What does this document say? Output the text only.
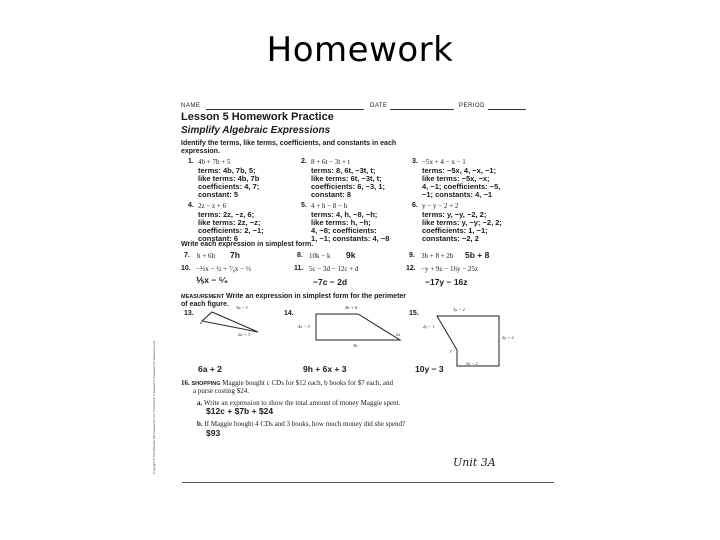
Homework
Copyright © The McGraw-Hill Companies, Inc. Permission is granted to reproduce for classroom use.
NAME	DATE	PERIOD
Lesson 5 Homework Practice
Simplify Algebraic Expressions
Identify the terms, like terms, coefficients, and constants in each
expression.
1. 4b + 7b + 5
terms: 4b, 7b, 5;
like terms: 4b, 7b
coefficients: 4, 7;
constant: 5
2. 8 + 6t − 3t + t
terms: 8, 6t, −3t, t;
like terms: 6t, −3t, t;
coefficients: 6, −3, 1;
constant: 8
3. −5x + 4 − x − 1
terms: −5x, 4, −x, −1;
like terms: −5x, −x;
4, −1; coefficients: −5,
−1; constants: 4, −1
4. 2z − z + 6
terms: 2z, −z, 6;
like terms: 2z, −z;
coefficients: 2, −1;
constant: 6
5. 4 + h − 8 − h
terms: 4, h, −8, −h;
like terms: h, −h;
4, −8; coefficients:
1, −1; constants: 4, −8
6. y − y − 2 + 2
terms: y, −y, −2, 2;
like terms: y, −y; −2, 2;
coefficients: 1, −1;
constants: −2, 2
Write each expression in simplest form.
7. h + 6h 7h	8. 10k − k 9k	9. 3b + 8 + 2b 5b + 8
10. −⅔x − ½ + ⁷⁄₈x − ½
⅕x − ⁵⁄₆
11. 5c − 3d − 12c + d
−7c − 2d
12. −y + 9z − 16y − 25z
−17y − 16z
MEASUREMENT Write an expression in simplest form for the perimeter
of each figure.
13.
3a − 1
a
2a + 3
6a + 2
14.
4h + 6
4x − 3
2x
5h
9h + 6x + 3
15.
3y − 2
2y − 1
2y + 2
y
3y − 2
10y − 3
16. SHOPPING Maggie bought c CDs for $12 each, b books for $7 each, and
a purse costing $24.
a. Write an expression to show the total amount of money Maggie spent.
$12c + $7b + $24
b. If Maggie bought 4 CDs and 3 books, how much money did she spend?
$93
Unit 3A
